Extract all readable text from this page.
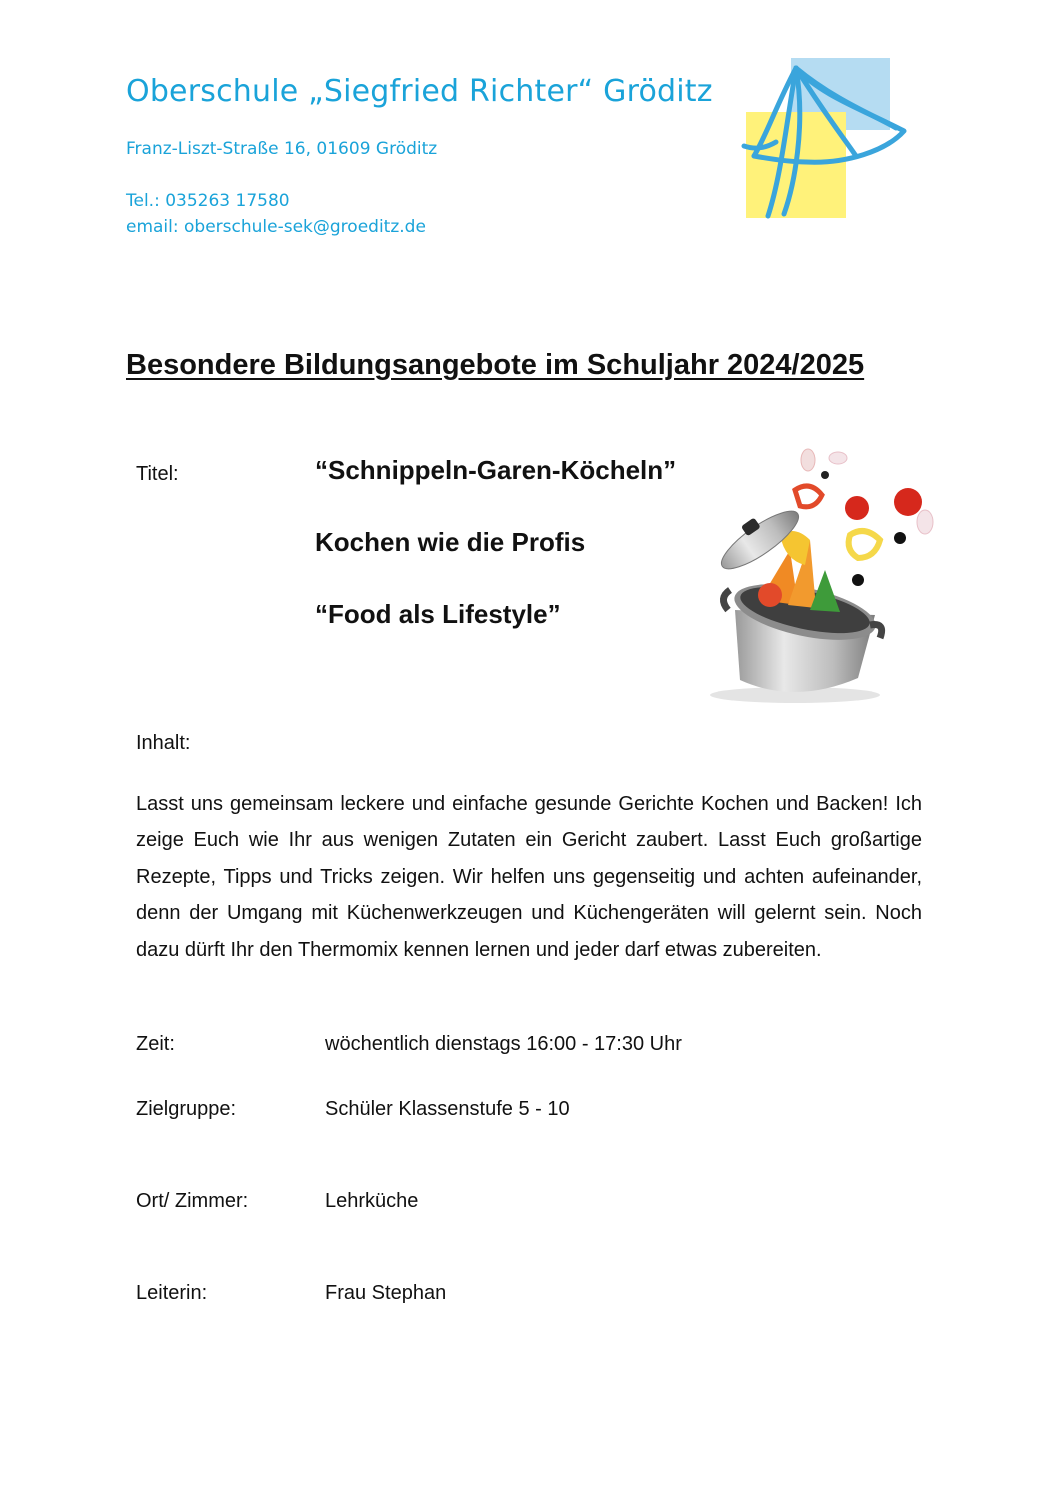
Oberschule „Siegfried Richter“ Gröditz
Franz-Liszt-Straße 16, 01609 Gröditz
Tel.: 035263 17580
email: oberschule-sek@groeditz.de
Besondere Bildungsangebote im Schuljahr 2024/2025
Titel:	“Schnippeln-Garen-Köcheln”
Kochen wie die Profis
“Food als Lifestyle”
Inhalt:
Lasst uns gemeinsam leckere und einfache gesunde Gerichte Kochen und Backen! Ich zeige Euch wie Ihr aus wenigen Zutaten ein Gericht zaubert. Lasst Euch großartige Rezepte, Tipps und Tricks zeigen. Wir helfen uns gegenseitig und achten aufeinander, denn der Umgang mit Küchenwerkzeugen und Küchengeräten will gelernt sein. Noch dazu dürft Ihr den Thermomix kennen lernen und jeder darf etwas zubereiten.
Zeit:	wöchentlich dienstags 16:00 - 17:30 Uhr
Zielgruppe:	Schüler Klassenstufe 5 - 10
Ort/ Zimmer:	Lehrküche
Leiterin:	Frau Stephan
